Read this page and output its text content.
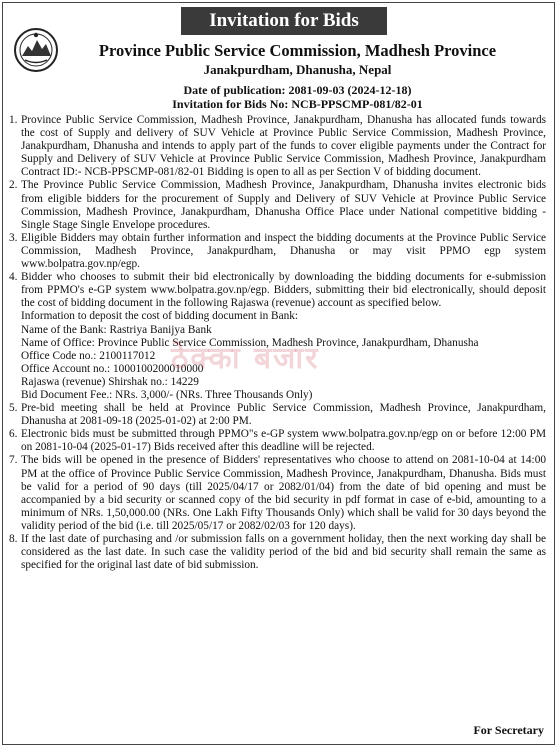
Invitation for Bids
Province Public Service Commission, Madhesh Province
Janakpurdham, Dhanusha, Nepal
Date of publication: 2081-09-03 (2024-12-18)
Invitation for Bids No: NCB-PPSCMP-081/82-01
1. Province Public Service Commission, Madhesh Province, Janakpurdham, Dhanusha has allocated funds towards the cost of Supply and delivery of SUV Vehicle at Province Public Service Commission, Madhesh Province, Janakpurdham, Dhanusha and intends to apply part of the funds to cover eligible payments under the Contract for Supply and Delivery of SUV Vehicle at Province Public Service Commission, Madhesh Province, Janakpurdham Contract ID:- NCB-PPSCMP-081/82-01 Bidding is open to all as per Section V of bidding document.
2. The Province Public Service Commission, Madhesh Province, Janakpurdham, Dhanusha invites electronic bids from eligible bidders for the procurement of Supply and Delivery of SUV Vehicle at Province Public Service Commission, Madhesh Province, Janakpurdham, Dhanusha Office Place under National competitive bidding - Single Stage Single Envelope procedures.
3. Eligible Bidders may obtain further information and inspect the bidding documents at the Province Public Service Commission, Madhesh Province, Janakpurdham, Dhanusha or may visit PPMO egp system www.bolpatra.gov.np/egp.
4. Bidder who chooses to submit their bid electronically by downloading the bidding documents for e-submission from PPMO's e-GP system www.bolpatra.gov.np/egp. Bidders, submitting their bid electronically, should deposit the cost of bidding document in the following Rajaswa (revenue) account as specified below.
Information to deposit the cost of bidding document in Bank:
Name of the Bank: Rastriya Banijya Bank
Name of Office: Province Public Service Commission, Madhesh Province, Janakpurdham, Dhanusha
Office Code no.: 2100117012
Office Account no.: 1000100200010000
Rajaswa (revenue) Shirshak no.: 14229
Bid Document Fee.: NRs. 3,000/- (NRs. Three Thousands Only)
5. Pre-bid meeting shall be held at Province Public Service Commission, Madhesh Province, Janakpurdham, Dhanusha at 2081-09-18 (2025-01-02) at 2:00 PM.
6. Electronic bids must be submitted through PPMO"s e-GP system www.bolpatra.gov.np/egp on or before 12:00 PM on 2081-10-04 (2025-01-17) Bids received after this deadline will be rejected.
7. The bids will be opened in the presence of Bidders' representatives who choose to attend on 2081-10-04 at 14:00 PM at the office of Province Public Service Commission, Madhesh Province, Janakpurdham, Dhanusha. Bids must be valid for a period of 90 days (till 2025/04/17 or 2082/01/04) from the date of bid opening and must be accompanied by a bid security or scanned copy of the bid security in pdf format in case of e-bid, amounting to a minimum of NRs. 1,50,000.00 (NRs. One Lakh Fifty Thousands Only) which shall be valid for 30 days beyond the validity period of the bid (i.e. till 2025/05/17 or 2082/02/03 for 120 days).
8. If the last date of purchasing and /or submission falls on a government holiday, then the next working day shall be considered as the last date. In such case the validity period of the bid and bid security shall remain the same as specified for the original last date of bid submission.
ठेक्का बजार
For Secretary
